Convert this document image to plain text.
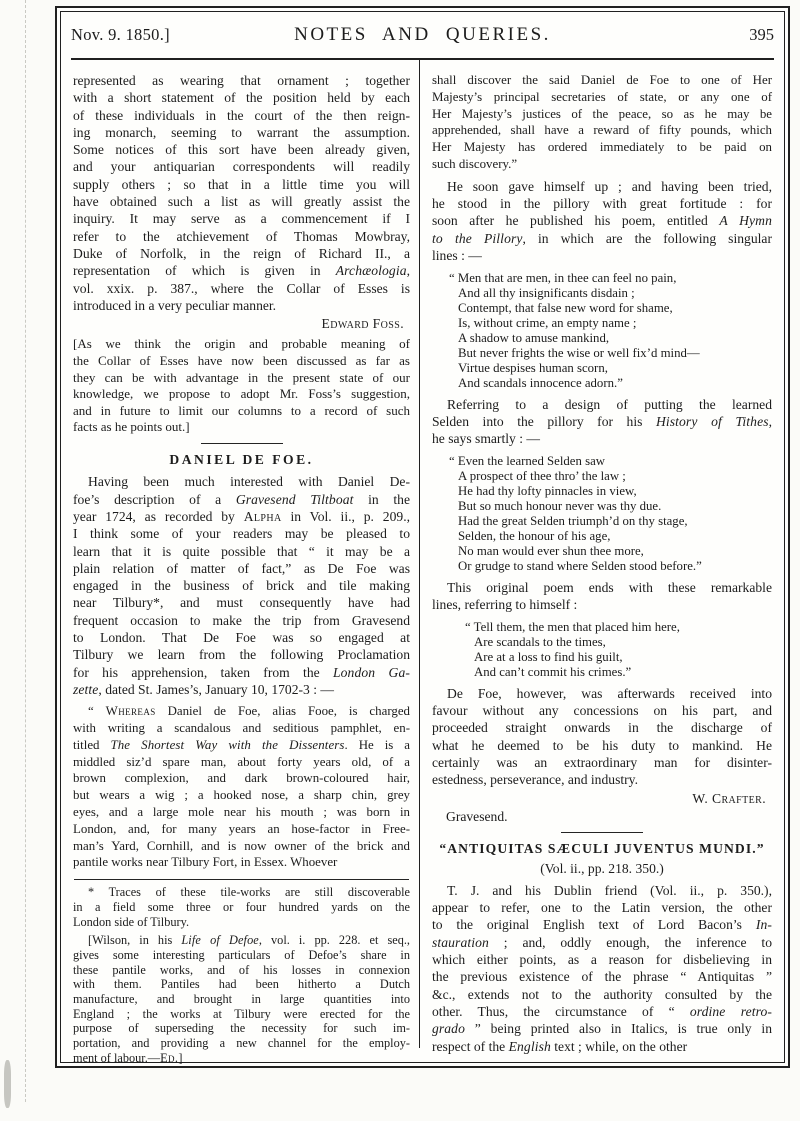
Nov. 9. 1850.]	NOTES AND QUERIES.	395
represented as wearing that ornament ; together
with a short statement of the position held by each
of these individuals in the court of the then reign-
ing monarch, seeming to warrant the assumption.
Some notices of this sort have been already given,
and your antiquarian correspondents will readily
supply others ; so that in a little time you will
have obtained such a list as will greatly assist the
inquiry. It may serve as a commencement if I
refer to the atchievement of Thomas Mowbray,
Duke of Norfolk, in the reign of Richard II., a
representation of which is given in Archæologia,
vol. xxix. p. 387., where the Collar of Esses is
introduced in a very peculiar manner.
Edward Foss.
[As we think the origin and probable meaning of
the Collar of Esses have now been discussed as far as
they can be with advantage in the present state of our
knowledge, we propose to adopt Mr. Foss’s suggestion,
and in future to limit our columns to a record of such
facts as he points out.]
DANIEL DE FOE.
Having been much interested with Daniel De-
foe’s description of a Gravesend Tiltboat in the
year 1724, as recorded by Alpha in Vol. ii., p. 209.,
I think some of your readers may be pleased to
learn that it is quite possible that “ it may be a
plain relation of matter of fact,” as De Foe was
engaged in the business of brick and tile making
near Tilbury*, and must consequently have had
frequent occasion to make the trip from Gravesend
to London. That De Foe was so engaged at
Tilbury we learn from the following Proclamation
for his apprehension, taken from the London Ga-
zette, dated St. James’s, January 10, 1702-3 : —
“ Whereas Daniel de Foe, alias Fooe, is charged
with writing a scandalous and seditious pamphlet, en-
titled The Shortest Way with the Dissenters. He is a
middled siz’d spare man, about forty years old, of a
brown complexion, and dark brown-coloured hair,
but wears a wig ; a hooked nose, a sharp chin, grey
eyes, and a large mole near his mouth ; was born in
London, and, for many years an hose-factor in Free-
man’s Yard, Cornhill, and is now owner of the brick and
pantile works near Tilbury Fort, in Essex. Whoever
* Traces of these tile-works are still discoverable
in a field some three or four hundred yards on the
London side of Tilbury.
[Wilson, in his Life of Defoe, vol. i. pp. 228. et seq.,
gives some interesting particulars of Defoe’s share in
these pantile works, and of his losses in connexion
with them. Pantiles had been hitherto a Dutch
manufacture, and brought in large quantities into
England ; the works at Tilbury were erected for the
purpose of superseding the necessity for such im-
portation, and providing a new channel for the employ-
ment of labour.—Ed.]
shall discover the said Daniel de Foe to one of Her
Majesty’s principal secretaries of state, or any one of
Her Majesty’s justices of the peace, so as he may be
apprehended, shall have a reward of fifty pounds, which
Her Majesty has ordered immediately to be paid on
such discovery.”
He soon gave himself up ; and having been tried,
he stood in the pillory with great fortitude : for
soon after he published his poem, entitled A Hymn
to the Pillory, in which are the following singular
lines : —
“ Men that are men, in thee can feel no pain,
And all thy insignificants disdain ;
Contempt, that false new word for shame,
Is, without crime, an empty name ;
A shadow to amuse mankind,
But never frights the wise or well fix’d mind—
Virtue despises human scorn,
And scandals innocence adorn.”
Referring to a design of putting the learned
Selden into the pillory for his History of Tithes,
he says smartly : —
“ Even the learned Selden saw
A prospect of thee thro’ the law ;
He had thy lofty pinnacles in view,
But so much honour never was thy due.
Had the great Selden triumph’d on thy stage,
Selden, the honour of his age,
No man would ever shun thee more,
Or grudge to stand where Selden stood before.”
This original poem ends with these remarkable
lines, referring to himself :
“ Tell them, the men that placed him here,
Are scandals to the times,
Are at a loss to find his guilt,
And can’t commit his crimes.”
De Foe, however, was afterwards received into
favour without any concessions on his part, and
proceeded straight onwards in the discharge of
what he deemed to be his duty to mankind. He
certainly was an extraordinary man for disinter-
estedness, perseverance, and industry.
W. Crafter.
Gravesend.
“ANTIQUITAS SÆCULI JUVENTUS MUNDI.”
(Vol. ii., pp. 218. 350.)
T. J. and his Dublin friend (Vol. ii., p. 350.),
appear to refer, one to the Latin version, the other
to the original English text of Lord Bacon’s In-
stauration ; and, oddly enough, the inference to
which either points, as a reason for disbelieving in
the previous existence of the phrase “ Antiquitas ”
&c., extends not to the authority consulted by the
other. Thus, the circumstance of “ ordine retro-
grado ” being printed also in Italics, is true only in
respect of the English text ; while, on the other
